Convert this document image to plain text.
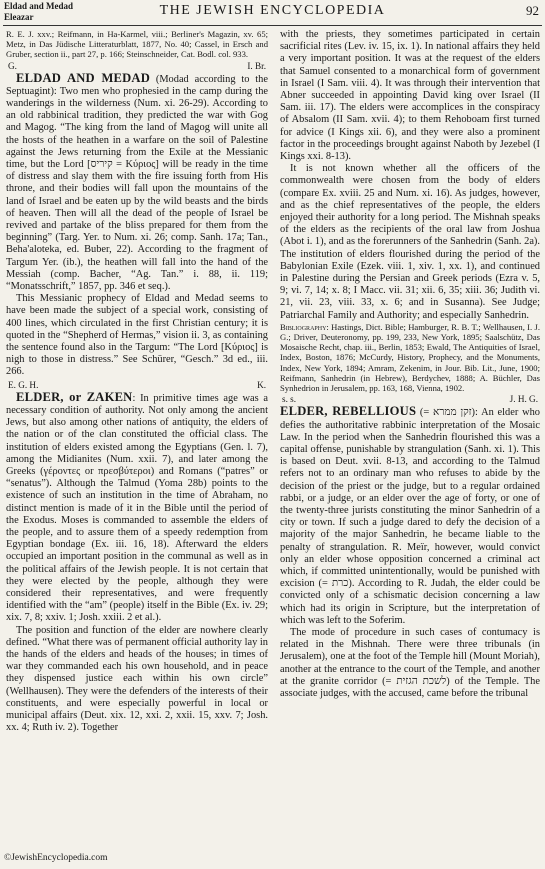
Eldad and Medad
Eleazar	THE JEWISH ENCYCLOPEDIA	92

R. E. J. xxv.; Reifmann, in Ha-Karmel, viii.; Berliner's Magazin, xv. 65; Metz, in Das Jüdische Litteraturblatt, 1877, No. 40; Cassel, in Ersch and Gruber, section ii., part 27, p. 166; Steinschneider, Cat. Bodl. col. 933.

G.	I. Br.

ELDAD AND MEDAD (Modad according to the Septuagint): Two men who prophesied in the camp during the wanderings in the wilderness (Num. xi. 26-29). According to an old rabbinical tradition, they predicted the war with Gog and Magog. “The king from the land of Magog will unite all the hosts of the heathen in a warfare on the soil of Palestine against the Jews returning from the Exile at the Messianic time, but the Lord [קיריס = Κύριος] will be ready in the time of distress and slay them with the fire issuing forth from His throne, and their bodies will fall upon the mountains of the land of Israel and be eaten up by the wild beasts and the birds of heaven. Then will all the dead of the people of Israel be revived and partake of the bliss prepared for them from the beginning” (Targ. Yer. to Num. xi. 26; comp. Sanh. 17a; Tan., Beha'aloteka, ed. Buber, 22). According to the fragment of Targum Yer. (ib.), the heathen will fall into the hand of the Messiah (comp. Bacher, “Ag. Tan.” i. 88, ii. 119; “Monatsschrift,” 1857, pp. 346 et seq.).

This Messianic prophecy of Eldad and Medad seems to have been made the subject of a special work, consisting of 400 lines, which circulated in the first Christian century; it is quoted in the “Shepherd of Hermas,” vision ii. 3, as containing the sentence found also in the Targum: “The Lord [Κύριος] is nigh to those in distress.” See Schürer, “Gesch.” 3d ed., iii. 266.

E. G. H.	K.

ELDER, or ZAKEN: In primitive times age was a necessary condition of authority. Not only among the ancient Jews, but also among other nations of antiquity, the elders of the nation or of the clan constituted the official class. The institution of elders existed among the Egyptians (Gen. l. 7), among the Midianites (Num. xxii. 7), and later among the Greeks (γέροντες or πρεσβύτεροι) and Romans (“patres” or “senatus”). Although the Talmud (Yoma 28b) points to the existence of such an institution in the time of Abraham, no distinct mention is made of it in the Bible until the period of the Exodus. Moses is commanded to assemble the elders of the people, and to assure them of a speedy redemption from Egyptian bondage (Ex. iii. 16, 18). Afterward the elders occupied an important position in the communal as well as in the political affairs of the Jewish people. It is not certain that they were elected by the people, although they were considered their representatives, and were frequently identified with the “am” (people) itself in the Bible (Ex. iv. 29; xix. 7, 8; xxiv. 1; Josh. xxiii. 2 et al.).

The position and function of the elder are nowhere clearly defined. “What there was of permanent official authority lay in the hands of the elders and heads of the houses; in times of war they commanded each his own household, and in peace they dispensed justice each within his own circle” (Wellhausen). They were the defenders of the interests of their constituents, and were especially powerful in local or municipal affairs (Deut. xix. 12, xxi. 2, xxii. 15, xxv. 7; Josh. xx. 4; Ruth iv. 2). Together

with the priests, they sometimes participated in certain sacrificial rites (Lev. iv. 15, ix. 1). In national affairs they held a very important position. It was at the request of the elders that Samuel consented to a monarchical form of government in Israel (I Sam. viii. 4). It was through their intervention that Abner succeeded in appointing David king over Israel (II Sam. iii. 17). The elders were accomplices in the conspiracy of Absalom (II Sam. xvii. 4); to them Rehoboam first turned for advice (I Kings xii. 6), and they were also a prominent factor in the proceedings brought against Naboth by Jezebel (I Kings xxi. 8-13).

It is not known whether all the officers of the commonwealth were chosen from the body of elders (compare Ex. xviii. 25 and Num. xi. 16). As judges, however, and as the chief representatives of the people, the elders enjoyed their authority for a long period. The Mishnah speaks of the elders as the recipients of the oral law from Joshua (Abot i. 1), and as the forerunners of the Sanhedrin (Sanh. 2a). The institution of elders flourished during the period of the Babylonian Exile (Ezek. viii. 1, xiv. 1, xx. 1), and continued in Palestine during the Persian and Greek periods (Ezra v. 5, 9; vi. 7, 14; x. 8; I Macc. vii. 31; xii. 6, 35; xiii. 36; Judith vi. 21, vii. 23, viii. 33, x. 6; and in Susanna). See Judge; Patriarchal Family and Authority; and especially Sanhedrin.

Bibliography: Hastings, Dict. Bible; Hamburger, R. B. T.; Wellhausen, I. J. G.; Driver, Deuteronomy, pp. 199, 233, New York, 1895; Saalschütz, Das Mosaische Recht, chap. iii., Berlin, 1853; Ewald, The Antiquities of Israel, Index, Boston, 1876; McCurdy, History, Prophecy, and the Monuments, Index, New York, 1894; Amram, Zekenim, in Jour. Bib. Lit., June, 1900; Reifmann, Sanhedrin (in Hebrew), Berdychev, 1888; A. Büchler, Das Synhedrion in Jerusalem, pp. 163, 168, Vienna, 1902.

s. s.	J. H. G.

ELDER, REBELLIOUS (= זקן ממרא): An elder who defies the authoritative rabbinic interpretation of the Mosaic Law. In the period when the Sanhedrin flourished this was a capital offense, punishable by strangulation (Sanh. xi. 1). This is based on Deut. xvii. 8-13, and according to the Talmud refers not to an ordinary man who refuses to abide by the decision of the priest or the judge, but to a regular ordained rabbi, or a judge, or an elder over the age of forty, or one of the twenty-three jurists constituting the minor Sanhedrin of a city or town. If such a judge dared to defy the decision of a majority of the major Sanhedrin, he became liable to the penalty of strangulation. R. Meïr, however, would convict only an elder whose opposition concerned a criminal act which, if committed unintentionally, would be punished with excision (= כרת). According to R. Judah, the elder could be convicted only of a schismatic decision concerning a law which had its origin in Scripture, but the interpretation of which was left to the Soferim.

The mode of procedure in such cases of contumacy is related in the Mishnah. There were three tribunals (in Jerusalem), one at the foot of the Temple hill (Mount Moriah), another at the entrance to the court of the Temple, and another at the granite corridor (= לשכת הגזית) of the Temple. The associate judges, with the accused, came before the tribunal

©JewishEncyclopedia.com
